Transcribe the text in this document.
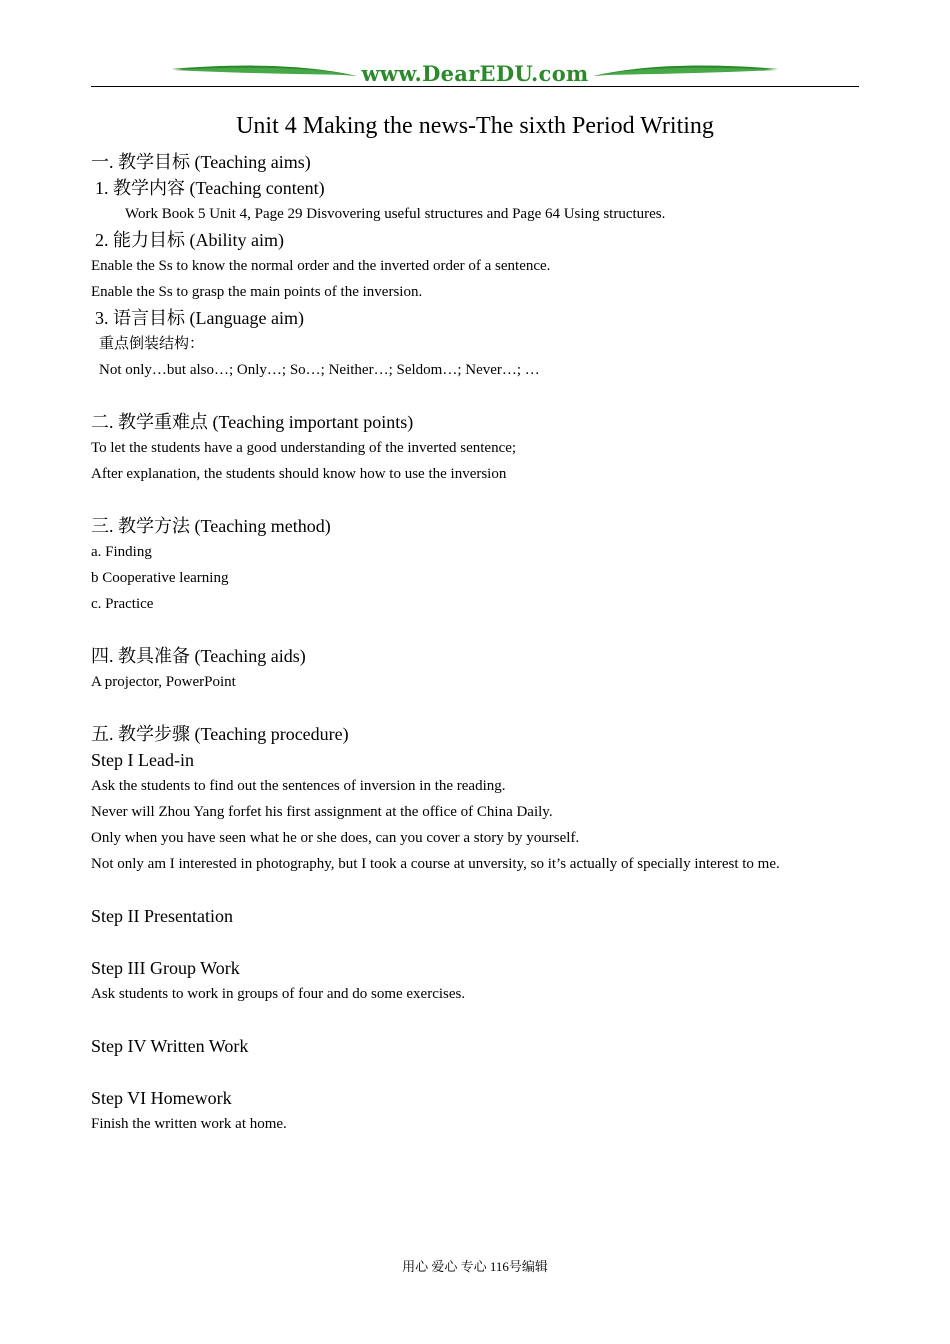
www.DearEDU.com
Unit 4 Making the news-The sixth Period Writing
一. 教学目标 (Teaching aims)
1. 教学内容 (Teaching content)
Work Book 5 Unit 4, Page 29 Disvovering useful structures and Page 64 Using structures.
2. 能力目标 (Ability aim)
Enable the Ss to know the normal order and the inverted order of a sentence.
Enable the Ss to grasp the main points of the inversion.
3. 语言目标 (Language aim)
重点倒装结构：
Not only…but also…; Only…; So…; Neither…; Seldom…; Never…; …
二. 教学重难点 (Teaching important points)
To let the students have a good understanding of the inverted sentence;
After explanation, the students should know how to use the inversion
三. 教学方法 (Teaching method)
a. Finding
b Cooperative learning
c. Practice
四. 教具准备 (Teaching aids)
A projector, PowerPoint
五. 教学步骤 (Teaching procedure)
Step I Lead-in
Ask the students to find out the sentences of inversion in the reading.
Never will Zhou Yang forfet his first assignment at the office of China Daily.
Only when you have seen what he or she does, can you cover a story by yourself.
Not only am I interested in photography, but I took a course at unversity, so it’s actually of specially interest to me.
Step II Presentation
Step III Group Work
Ask students to work in groups of four and do some exercises.
Step IV Written Work
Step VI Homework
Finish the written work at home.
用心 爱心 专心 116号编辑
